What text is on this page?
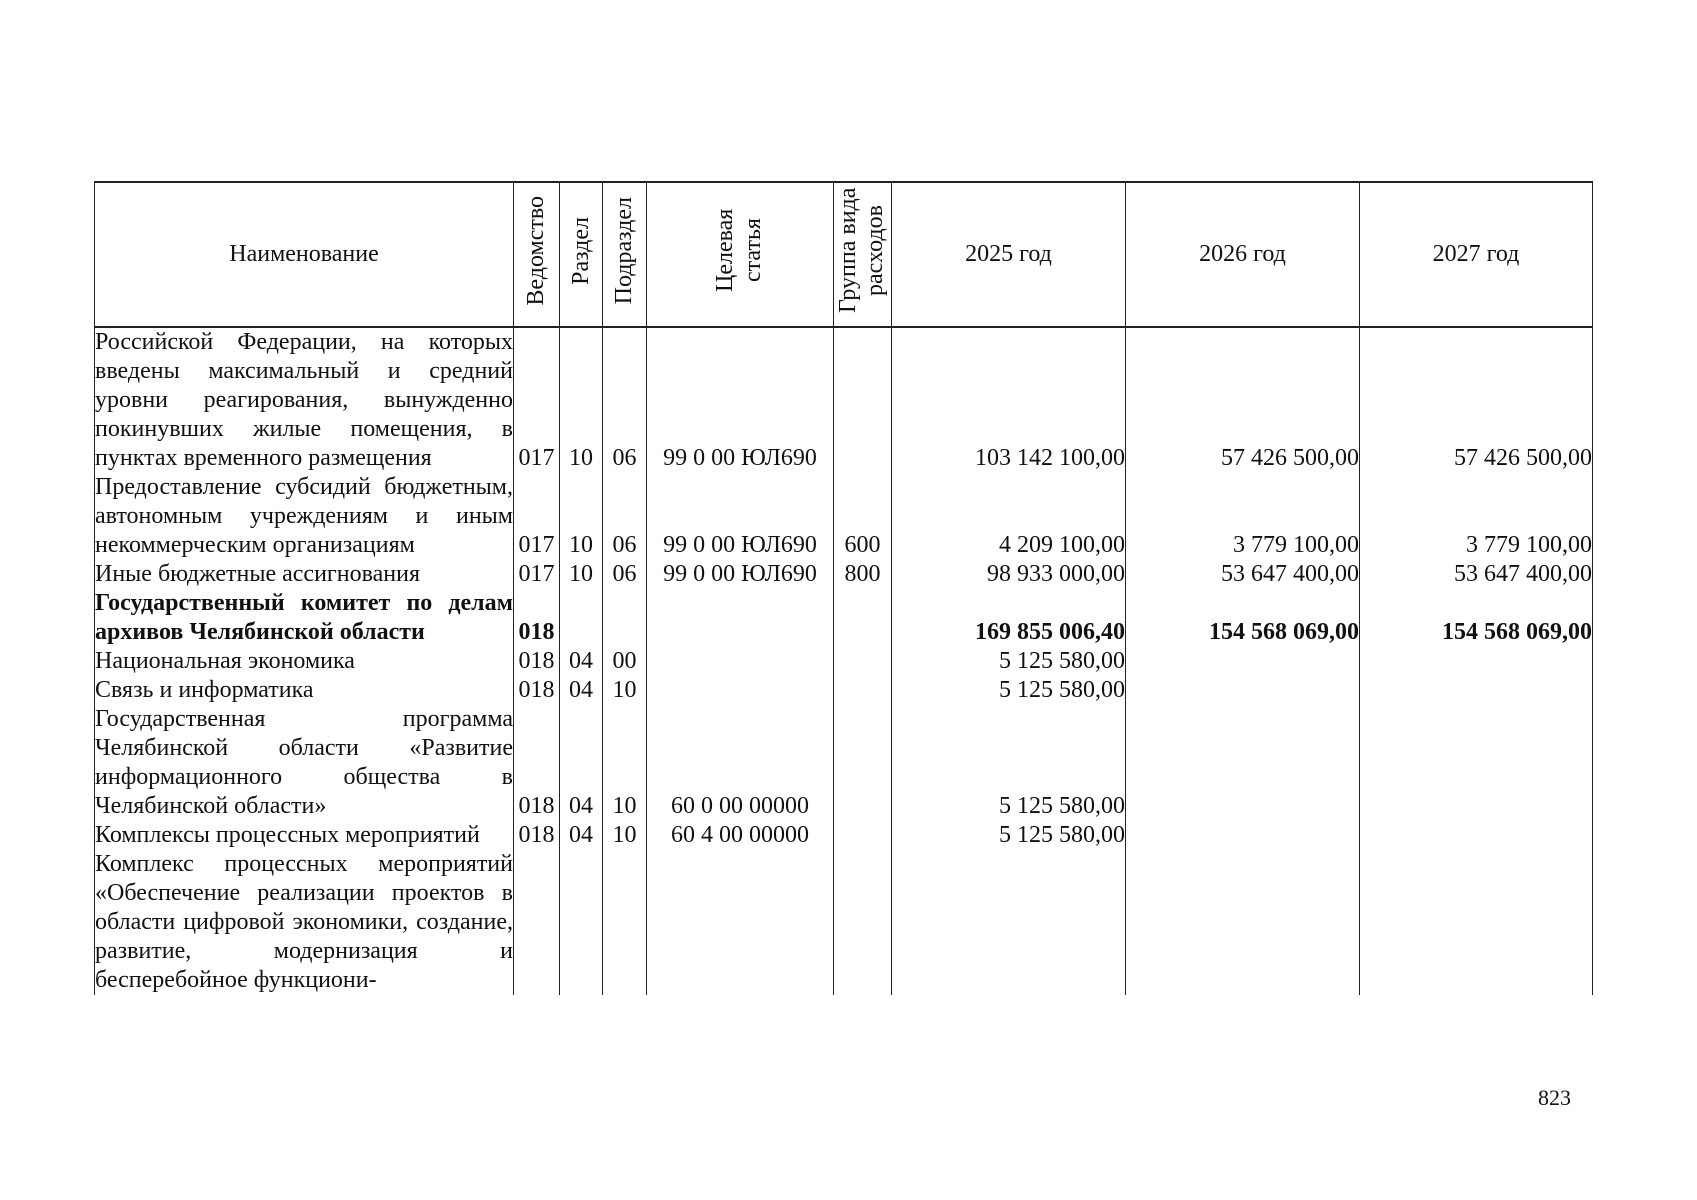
Наименование	Ведомство	Раздел	Подраздел	Целевая статья	Группа вида расходов	2025 год	2026 год	2027 год
Российской Федерации, на которых введены максимальный и средний уровни реагирования, вынужденно покинувших жилые помещения, в пунктах временного размещения	017	10	06	99 0 00 ЮЛ690		103 142 100,00	57 426 500,00	57 426 500,00
Предоставление субсидий бюджетным, автономным учреждениям и иным некоммерческим организациям	017	10	06	99 0 00 ЮЛ690	600	4 209 100,00	3 779 100,00	3 779 100,00
Иные бюджетные ассигнования	017	10	06	99 0 00 ЮЛ690	800	98 933 000,00	53 647 400,00	53 647 400,00
Государственный комитет по делам архивов Челябинской области	018					169 855 006,40	154 568 069,00	154 568 069,00
Национальная экономика	018	04	00			5 125 580,00		
Связь и информатика	018	04	10			5 125 580,00		
Государственная программа Челябинской области «Развитие информационного общества в Челябинской области»	018	04	10	60 0 00 00000		5 125 580,00		
Комплексы процессных мероприятий	018	04	10	60 4 00 00000		5 125 580,00		
Комплекс процессных мероприятий «Обеспечение реализации проектов в области цифровой экономики, создание, развитие, модернизация и бесперебойное функциони-								
823
